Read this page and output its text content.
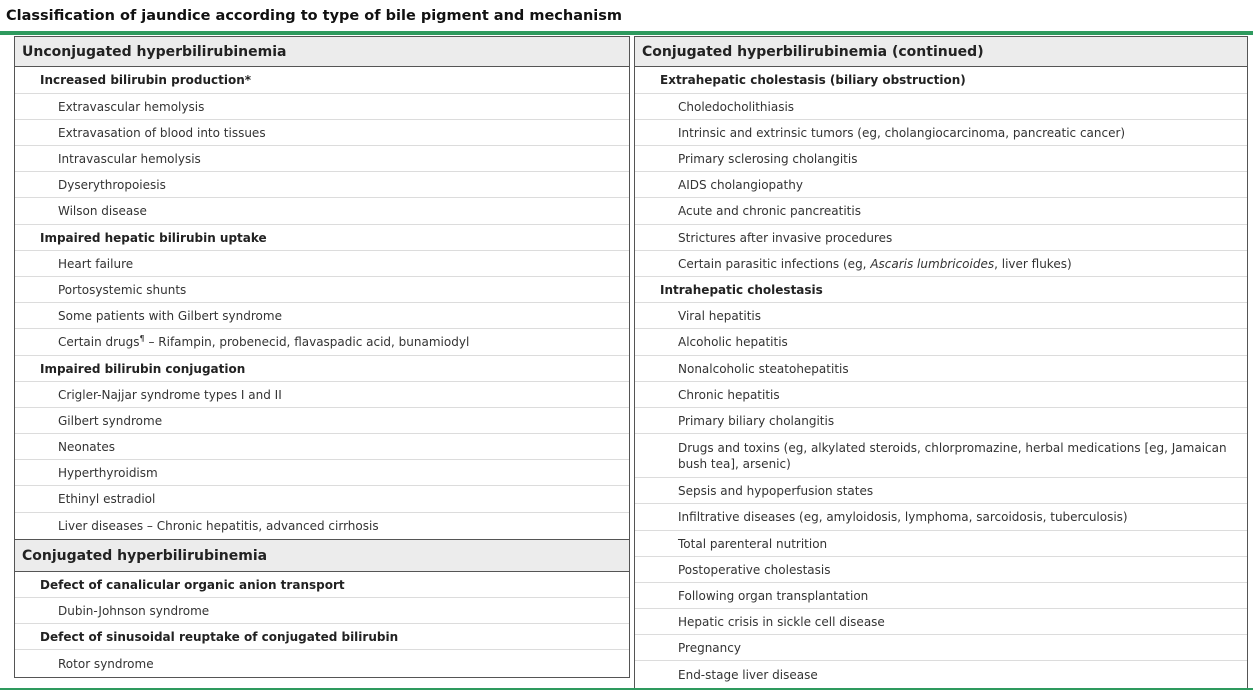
Classification of jaundice according to type of bile pigment and mechanism
Unconjugated hyperbilirubinemia
Increased bilirubin production*
Extravascular hemolysis
Extravasation of blood into tissues
Intravascular hemolysis
Dyserythropoiesis
Wilson disease
Impaired hepatic bilirubin uptake
Heart failure
Portosystemic shunts
Some patients with Gilbert syndrome
Certain drugs¶ – Rifampin, probenecid, flavaspadic acid, bunamiodyl
Impaired bilirubin conjugation
Crigler-Najjar syndrome types I and II
Gilbert syndrome
Neonates
Hyperthyroidism
Ethinyl estradiol
Liver diseases – Chronic hepatitis, advanced cirrhosis
Conjugated hyperbilirubinemia
Defect of canalicular organic anion transport
Dubin-Johnson syndrome
Defect of sinusoidal reuptake of conjugated bilirubin
Rotor syndrome
Conjugated hyperbilirubinemia (continued)
Extrahepatic cholestasis (biliary obstruction)
Choledocholithiasis
Intrinsic and extrinsic tumors (eg, cholangiocarcinoma, pancreatic cancer)
Primary sclerosing cholangitis
AIDS cholangiopathy
Acute and chronic pancreatitis
Strictures after invasive procedures
Certain parasitic infections (eg, Ascaris lumbricoides , liver flukes)
Intrahepatic cholestasis
Viral hepatitis
Alcoholic hepatitis
Nonalcoholic steatohepatitis
Chronic hepatitis
Primary biliary cholangitis
Drugs and toxins (eg, alkylated steroids, chlorpromazine, herbal medications [eg, Jamaican bush tea], arsenic)
Sepsis and hypoperfusion states
Infiltrative diseases (eg, amyloidosis, lymphoma, sarcoidosis, tuberculosis)
Total parenteral nutrition
Postoperative cholestasis
Following organ transplantation
Hepatic crisis in sickle cell disease
Pregnancy
End-stage liver disease
